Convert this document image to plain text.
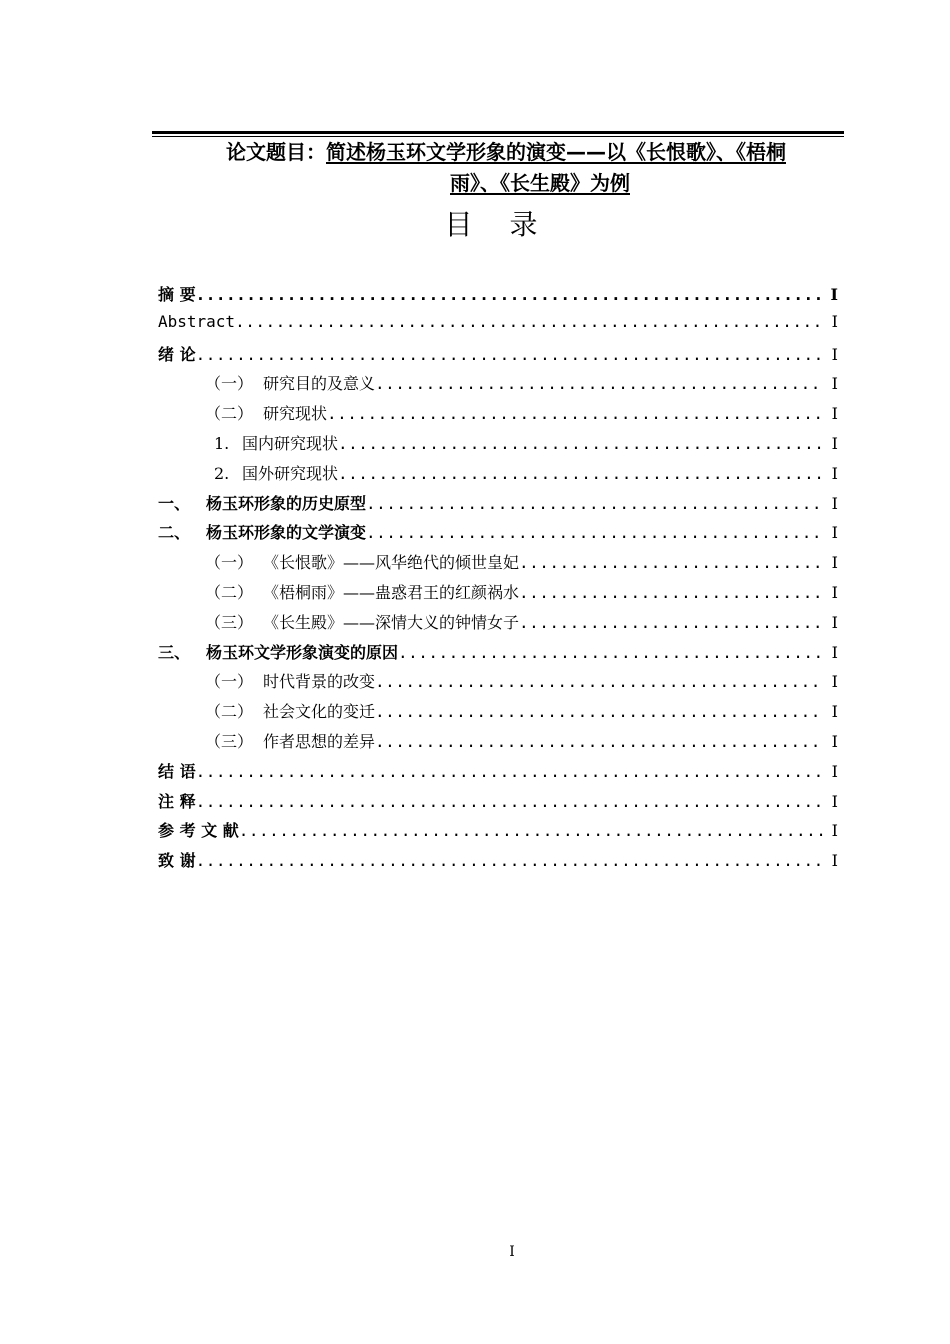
论文题目：简述杨玉环文学形象的演变——以《长恨歌》、《梧桐
雨》、《长生殿》为例
目 录
摘 要 .....	I
Abstract .....	I
绪 论 .....	I
（一） 研究目的及意义 .....	I
（二） 研究现状 .....	I
1. 国内研究现状 .....	I
2. 国外研究现状 .....	I
一、 杨玉环形象的历史原型 .....	I
二、 杨玉环形象的文学演变 .....	I
（一） 《长恨歌》——风华绝代的倾世皇妃 .....	I
（二） 《梧桐雨》——蛊惑君王的红颜祸水 .....	I
（三） 《长生殿》——深情大义的钟情女子 .....	I
三、 杨玉环文学形象演变的原因 .....	I
（一） 时代背景的改变 .....	I
（二） 社会文化的变迁 .....	I
（三） 作者思想的差异 .....	I
结 语 .....	I
注 释 .....	I
参 考 文 献 .....	I
致 谢 .....	I
I
